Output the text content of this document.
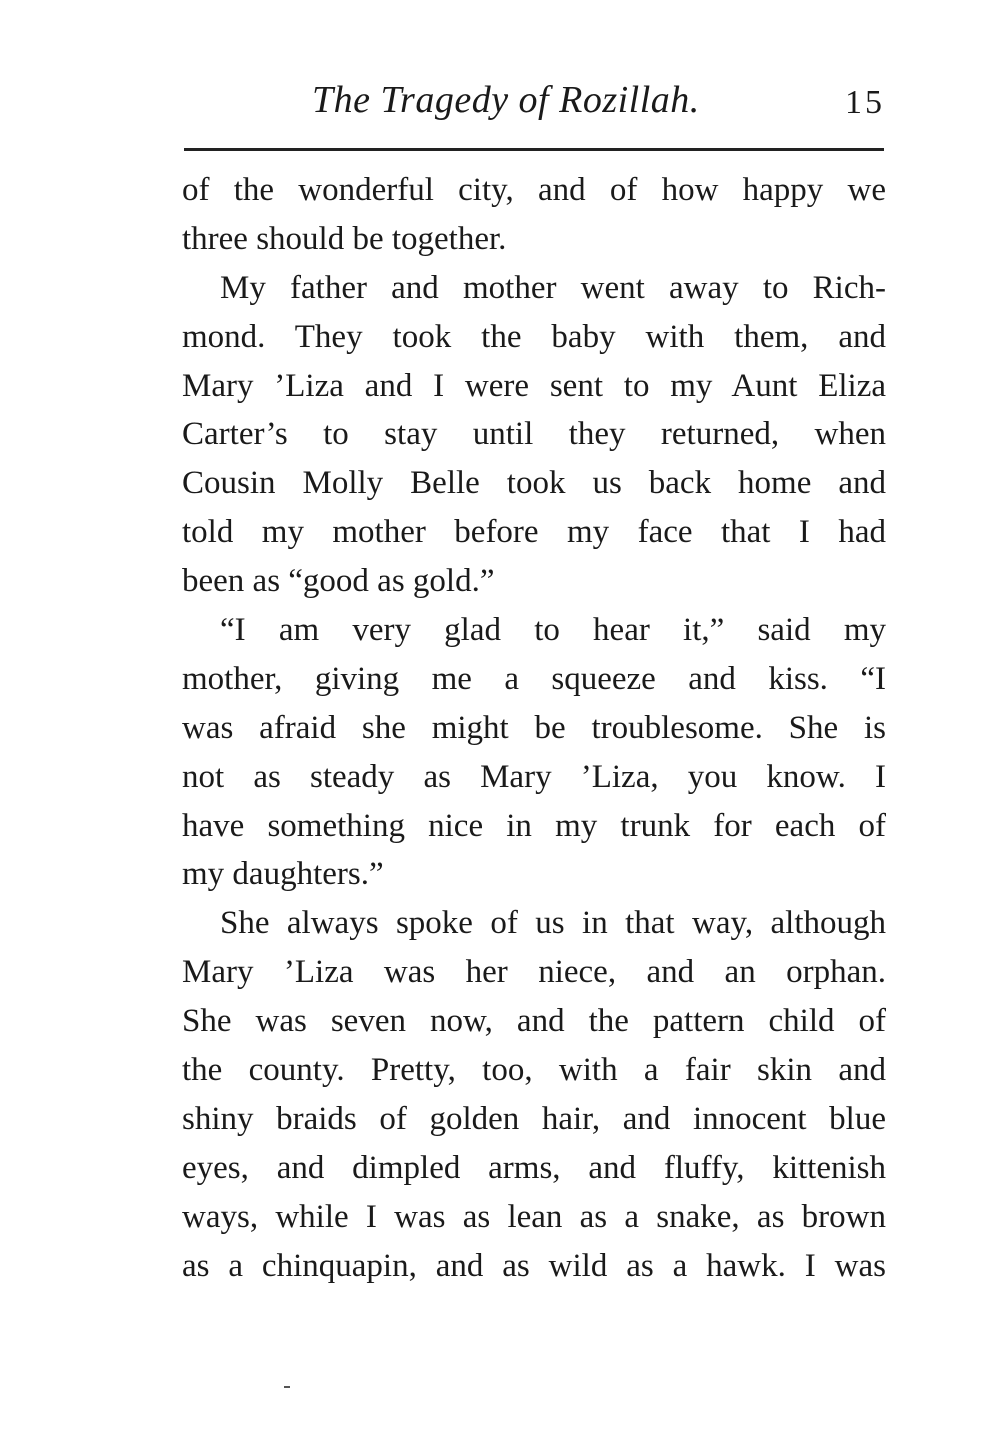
The Tragedy of Rozillah.	15
of the wonderful city, and of how happy we
three should be together.
My father and mother went away to Rich-
mond. They took the baby with them, and
Mary ’Liza and I were sent to my Aunt Eliza
Carter’s to stay until they returned, when
Cousin Molly Belle took us back home and
told my mother before my face that I had
been as “good as gold.”
“I am very glad to hear it,” said my
mother, giving me a squeeze and kiss. “I
was afraid she might be troublesome. She is
not as steady as Mary ’Liza, you know. I
have something nice in my trunk for each of
my daughters.”
She always spoke of us in that way, although
Mary ’Liza was her niece, and an orphan.
She was seven now, and the pattern child of
the county. Pretty, too, with a fair skin and
shiny braids of golden hair, and innocent blue
eyes, and dimpled arms, and fluffy, kittenish
ways, while I was as lean as a snake, as brown
as a chinquapin, and as wild as a hawk. I was
